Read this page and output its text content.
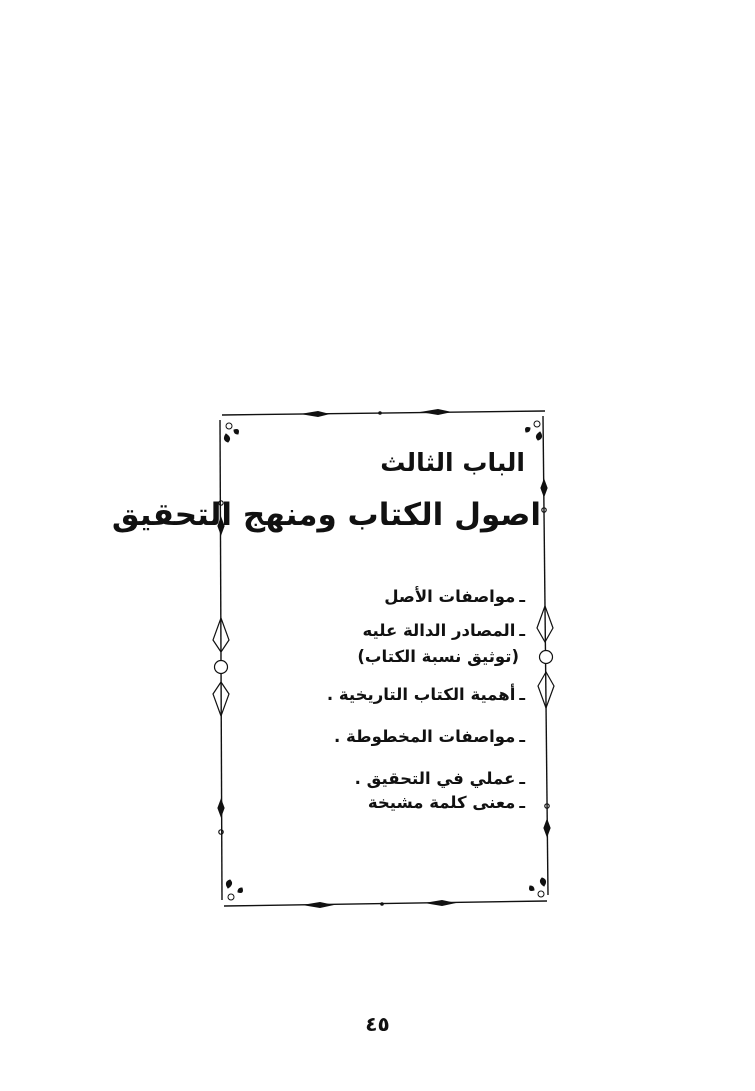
الباب الثالث
اصول الكتاب ومنهج التحقيق
ـمواصفات الأصل
ـالمصادر الدالة عليه
(توثيق نسبة الكتاب)
ـأهمية الكتاب التاريخية .
ـمواصفات المخطوطة .
ـعملي في التحقيق .
ـمعنى كلمة مشيخة
٤٥
